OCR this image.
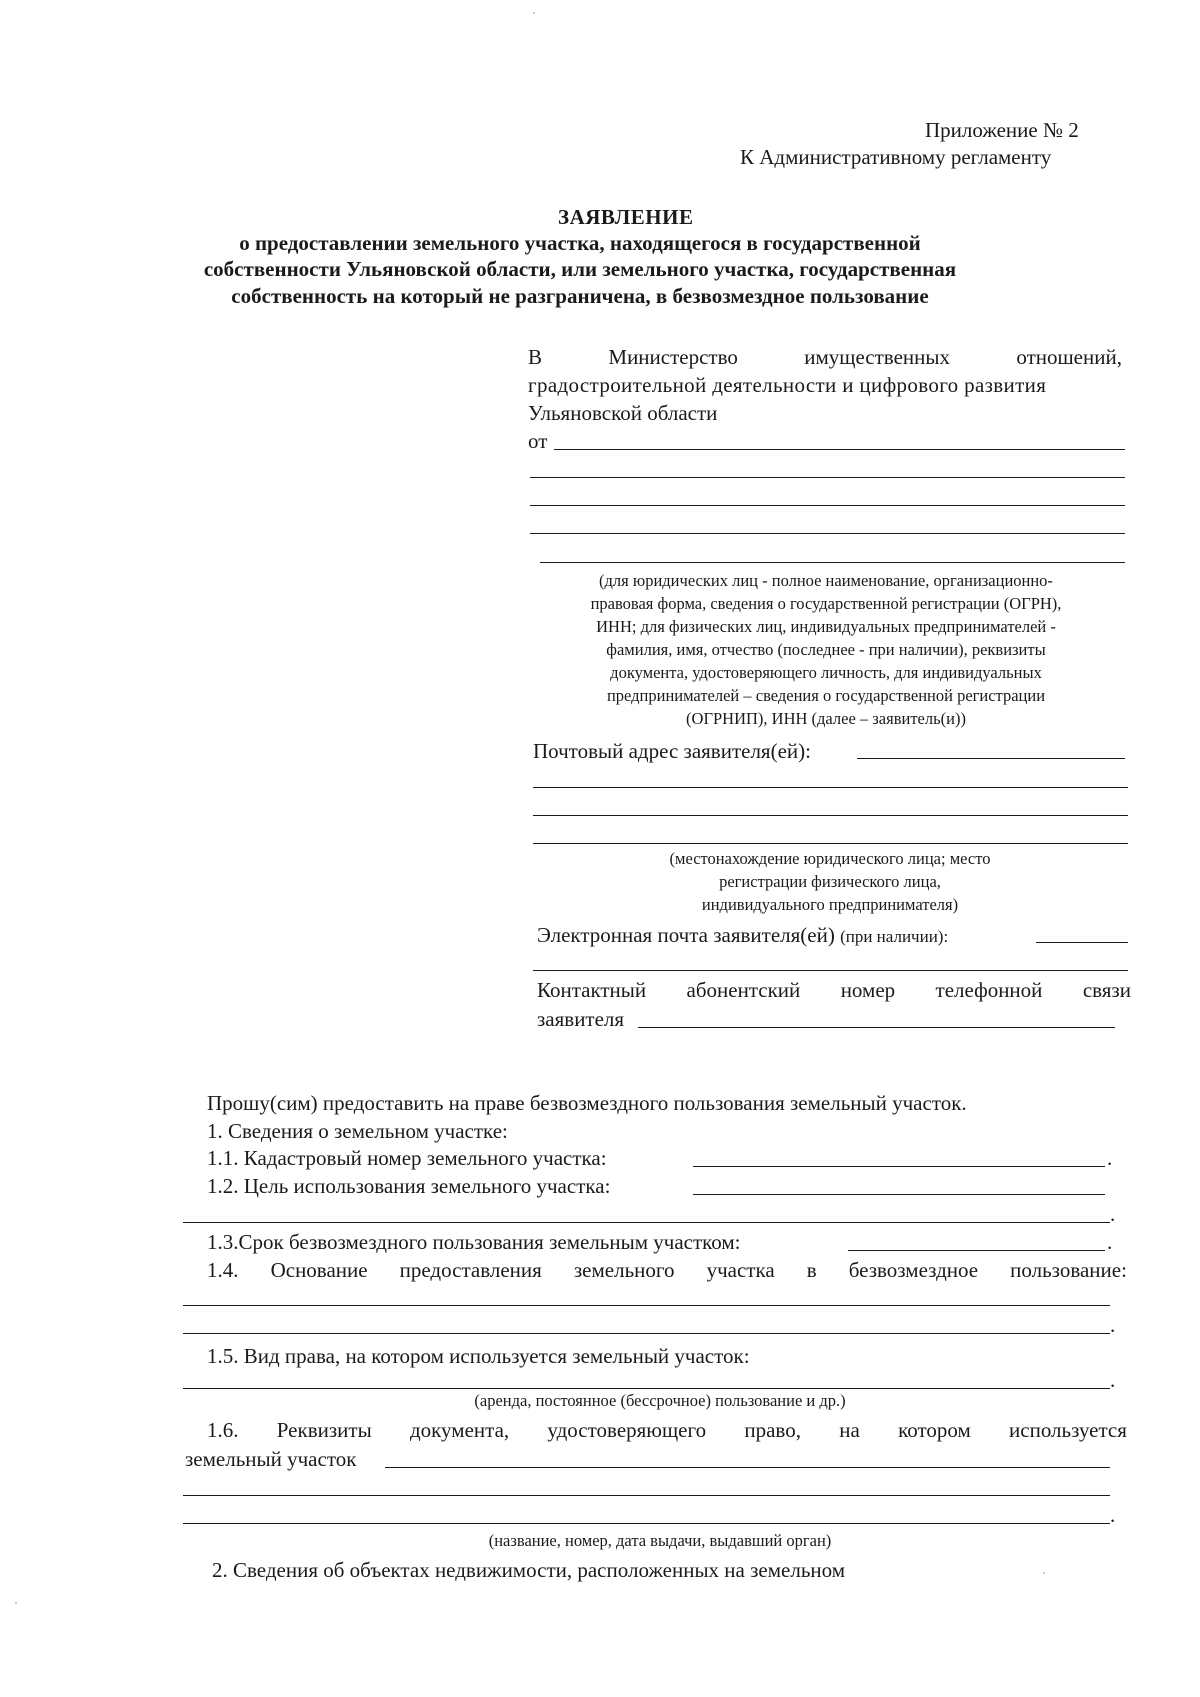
Приложение № 2
К Административному регламенту
ЗАЯВЛЕНИЕ
о предоставлении земельного участка, находящегося в государственной
собственности Ульяновской области, или земельного участка, государственная
собственность на который не разграничена, в безвозмездное пользование
В	Министерство	имущественных	отношений,
градостроительной деятельности и цифрового развития
Ульяновской области
от
(для юридических лиц - полное наименование, организационно-
правовая форма, сведения о государственной регистрации (ОГРН),
ИНН; для физических лиц, индивидуальных предпринимателей -
фамилия, имя, отчество (последнее - при наличии), реквизиты
документа, удостоверяющего личность, для индивидуальных
предпринимателей – сведения о государственной регистрации
(ОГРНИП), ИНН (далее – заявитель(и))
Почтовый адрес заявителя(ей):
(местонахождение юридического лица; место
регистрации физического лица,
индивидуального предпринимателя)
Электронная почта заявителя(ей) (при наличии):
Контактный абонентский номер телефонной связи
заявителя
Прошу(сим) предоставить на праве безвозмездного пользования земельный участок.
1. Сведения о земельном участке:
1.1. Кадастровый номер земельного участка:	.
1.2. Цель использования земельного участка:
.
1.3.Срок безвозмездного пользования земельным участком:	.
1.4. Основание предоставления земельного участка в безвозмездное пользование:
.
1.5. Вид права, на котором используется земельный участок:
.
(аренда, постоянное (бессрочное) пользование и др.)
1.6. Реквизиты документа, удостоверяющего право, на котором используется
земельный участок
.
(название, номер, дата выдачи, выдавший орган)
2. Сведения об объектах недвижимости, расположенных на земельном
